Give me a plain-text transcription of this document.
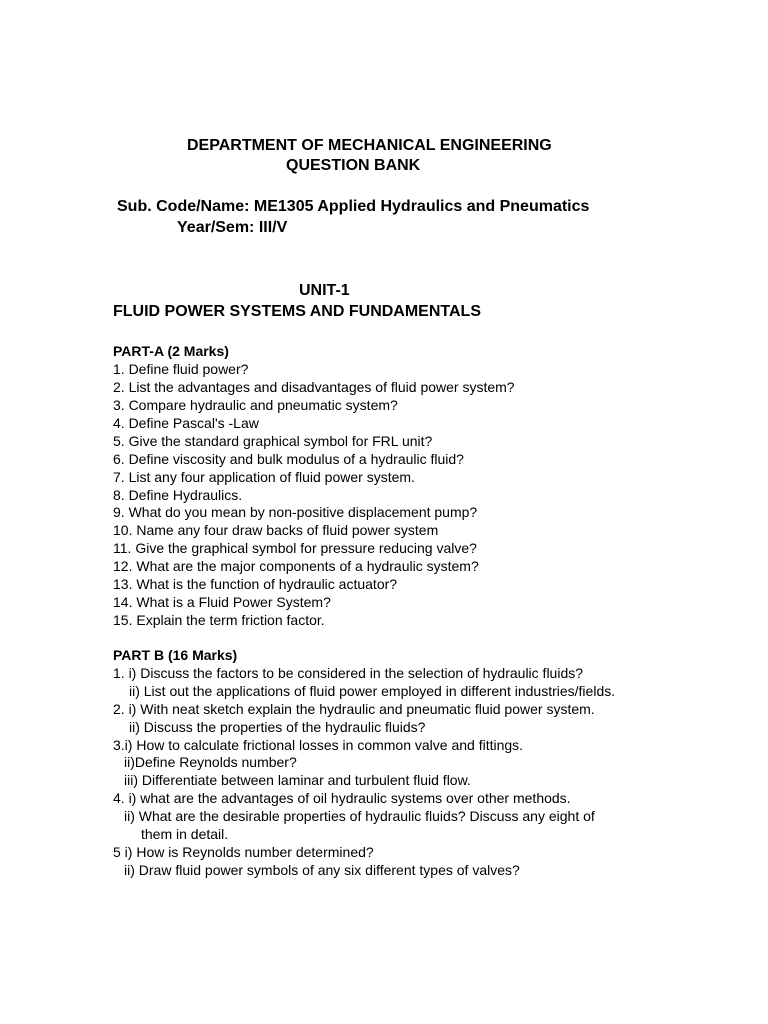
DEPARTMENT OF MECHANICAL ENGINEERING
QUESTION BANK
Sub. Code/Name: ME1305 Applied Hydraulics and Pneumatics
Year/Sem: III/V
UNIT-1
FLUID POWER SYSTEMS AND FUNDAMENTALS
PART-A (2 Marks)
1. Define fluid power?
2. List the advantages and disadvantages of fluid power system?
3. Compare hydraulic and pneumatic system?
4. Define Pascal's -Law
5. Give the standard graphical symbol for FRL unit?
6. Define viscosity and bulk modulus of a hydraulic fluid?
7. List any four application of fluid power system.
8. Define Hydraulics.
9. What do you mean by non-positive displacement pump?
10. Name any four draw backs of fluid power system
11. Give the graphical symbol for pressure reducing valve?
12. What are the major components of a hydraulic system?
13. What is the function of hydraulic actuator?
14. What is a Fluid Power System?
15. Explain the term friction factor.
PART B (16 Marks)
1. i) Discuss the factors to be considered in the selection of hydraulic fluids?
ii) List out the applications of fluid power employed in different industries/fields.
2. i) With neat sketch explain the hydraulic and pneumatic fluid power system.
ii) Discuss the properties of the hydraulic fluids?
3.i) How to calculate frictional losses in common valve and fittings.
ii)Define Reynolds number?
iii) Differentiate between laminar and turbulent fluid flow.
4. i) what are the advantages of oil hydraulic systems over other methods.
ii) What are the desirable properties of hydraulic fluids? Discuss any eight of
them in detail.
5 i) How is Reynolds number determined?
ii) Draw fluid power symbols of any six different types of valves?
